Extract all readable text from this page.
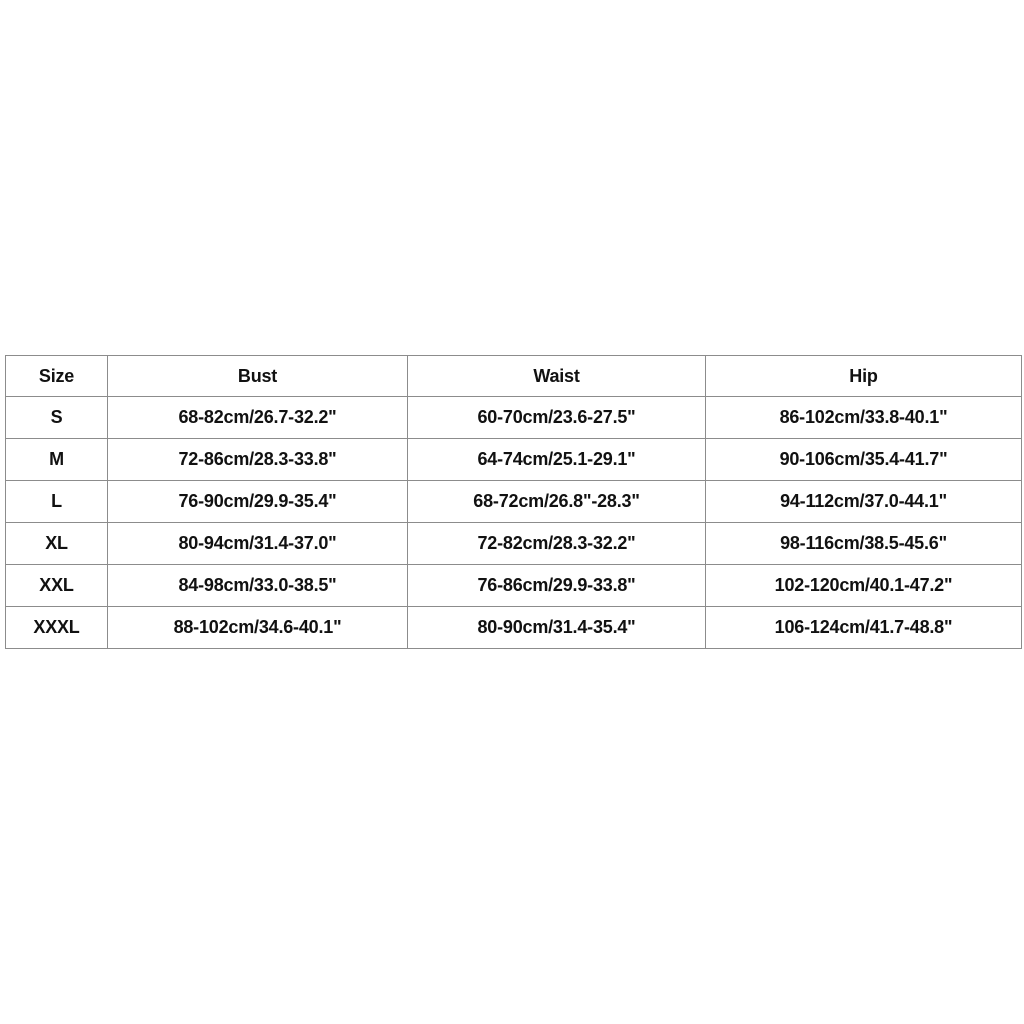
Size	Bust	Waist	Hip
S	68-82cm/26.7-32.2"	60-70cm/23.6-27.5"	86-102cm/33.8-40.1"
M	72-86cm/28.3-33.8"	64-74cm/25.1-29.1"	90-106cm/35.4-41.7"
L	76-90cm/29.9-35.4"	68-72cm/26.8"-28.3"	94-112cm/37.0-44.1"
XL	80-94cm/31.4-37.0"	72-82cm/28.3-32.2"	98-116cm/38.5-45.6"
XXL	84-98cm/33.0-38.5"	76-86cm/29.9-33.8"	102-120cm/40.1-47.2"
XXXL	88-102cm/34.6-40.1"	80-90cm/31.4-35.4"	106-124cm/41.7-48.8"
